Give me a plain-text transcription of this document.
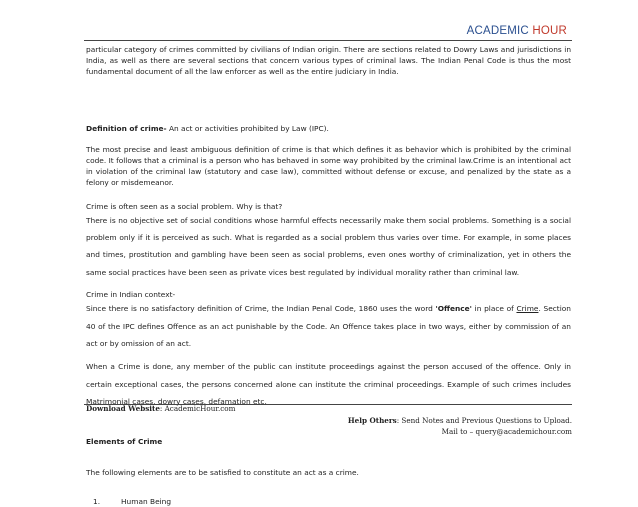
ACADEMIC HOUR

particular category of crimes committed by civilians of Indian origin. There are sections related to Dowry Laws and jurisdictions in India, as well as there are several sections that concern various types of criminal laws. The Indian Penal Code is thus the most fundamental document of all the law enforcer as well as the entire judiciary in India.

Definition of crime- An act or activities prohibited by Law (IPC).

The most precise and least ambiguous definition of crime is that which defines it as behavior which is prohibited by the criminal code. It follows that a criminal is a person who has behaved in some way prohibited by the criminal law.Crime is an intentional act in violation of the criminal law (statutory and case law), committed without defense or excuse, and penalized by the state as a felony or misdemeanor.

Crime is often seen as a social problem. Why is that?

There is no objective set of social conditions whose harmful effects necessarily make them social problems. Something is a social problem only if it is perceived as such. What is regarded as a social problem thus varies over time. For example, in some places and times, prostitution and gambling have been seen as social problems, even ones worthy of criminalization, yet in others the same social practices have been seen as private vices best regulated by individual morality rather than criminal law.

Crime in Indian context-

Since there is no satisfactory definition of Crime, the Indian Penal Code, 1860 uses the word 'Offence' in place of Crime. Section 40 of the IPC defines Offence as an act punishable by the Code. An Offence takes place in two ways, either by commission of an act or by omission of an act.

When a Crime is done, any member of the public can institute proceedings against the person accused of the offence. Only in certain exceptional cases, the persons concerned alone can institute the criminal proceedings. Example of such crimes includes Matrimonial cases, dowry cases, defamation etc.

Elements of Crime

The following elements are to be satisfied to constitute an act as a crime.

1.	Human Being

Download Website: AcademicHour.com
Help Others: Send Notes and Previous Questions to Upload.
Mail to – query@academichour.com
